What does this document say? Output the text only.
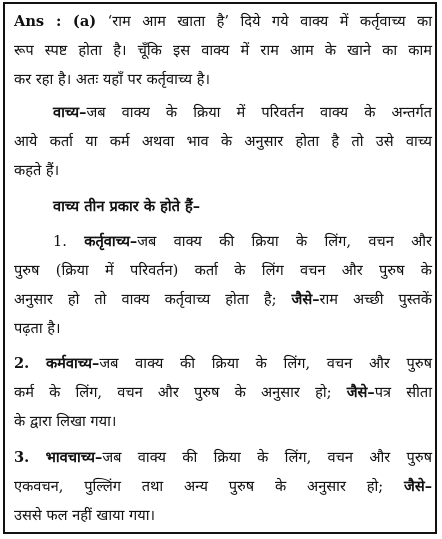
Ans : (a) ‘राम आम खाता है’ दिये गये वाक्य में कर्तृवाच्य का
रूप स्पष्ट होता है। चूँकि इस वाक्य में राम आम के खाने का काम
कर रहा है। अतः यहाँ पर कर्तृवाच्य है।
वाच्य–जब वाक्य के क्रिया में परिवर्तन वाक्य के अन्तर्गत
आये कर्ता या कर्म अथवा भाव के अनुसार होता है तो उसे वाच्य
कहते हैं।
वाच्य तीन प्रकार के होते हैं–
1. कर्तृवाच्य–जब वाक्य की क्रिया के लिंग, वचन और
पुरुष (क्रिया में परिवर्तन) कर्ता के लिंग वचन और पुरुष के
अनुसार हो तो वाक्य कर्तृवाच्य होता है; जैसे–राम अच्छी पुस्तकें
पढ़ता है।
2. कर्मवाच्य–जब वाक्य की क्रिया के लिंग, वचन और पुरुष
कर्म के लिंग, वचन और पुरुष के अनुसार हो; जैसे–पत्र सीता
के द्वारा लिखा गया।
3. भावचाच्य–जब वाक्य की क्रिया के लिंग, वचन और पुरुष
एकवचन, पुल्लिंग तथा अन्य पुरुष के अनुसार हो; जैसे–
उससे फल नहीं खाया गया।
